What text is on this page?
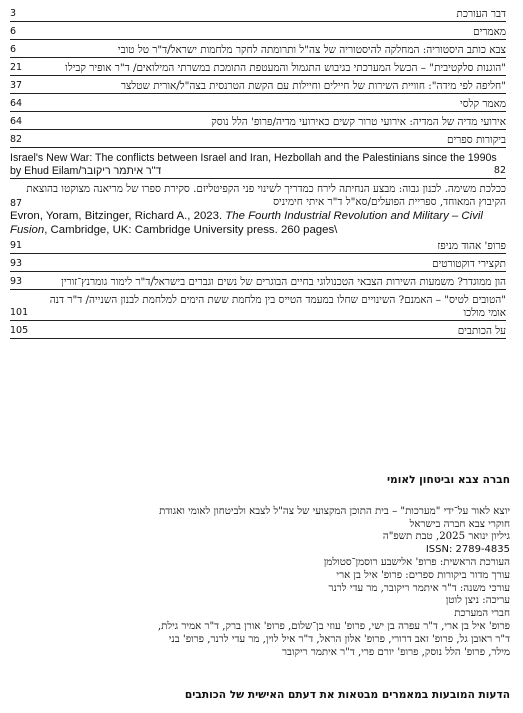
דבר העורכת
3
מאמרים
6
צבא כותב היסטוריה: המחלקה להיסטוריה של צה"ל ותרומתה לחקר מלחמות ישראל/ד"ר טל טובי
6
"הוגנות סלקטיבית" – הכשל המערכתי בגיבוש התגמול והמעטפת התומכת במשרתי המילואים/ ד"ר אופיר קבילו
21
"חליפה לפי מידה": חוויית השירות של חיילים וחיילות עם הקשת הטרנסית בצה"ל/אורית שטלצר
37
מאמר קלסי
64
אירועי מדיה של המדיה: אירועי טרור קשים כאירועי מדיה/פרופ' הלל נוסק
64
ביקורות ספרים
82
Israel's New War: The conflicts between Israel and Iran, Hezbollah and the Palestinians since the 1990s by Ehud Eilamד"ר איתמר ריקובר/	82
ככלכת משימה. לכנון גבוה: מבצע הנחיתה לירח כמדריך לשינוי פני הקפיטליזם. סקירת ספרו של מריאנה מצוקטו בהוצאת הקיבוץ המאוחד, ספריית הפועלים/סא"ל ד"ר איתי חימיניס
87
Evron, Yoram, Bitzinger, Richard A., 2023. The Fourth Industrial Revolution and Military – Civil Fusion, Cambridge, UK: Cambridge University press. 260 pages\
פרופ' אהוד מניפז
91
תקצירי דוקטורטים
93
הון ממוגדר? משמעות השירות הצבאי הטכנולוגי בחיים הבוגרים של נשים וגברים בישראל/ד"ר לימור גומרנץ־זורין
93
"הטובים לטיס" – האמנם? השינויים שחלו במעמד הטייס בין מלחמת ששת הימים למלחמת לבנון השנייה/ ד"ר דנה אומי מולכו
101
על הכותבים
105
חברה צבא וביטחון לאומי
יוצא לאור על־ידי "מערכות" – בית התוכן המקצועי של צה"ל לצבא ולביטחון לאומי ואגודת
חוקרי צבא חברה בישראל
גיליון ינואר 2025, טבת תשפ"ה
ISSN: 2789-4835
העורכת הראשית: פרופ' אלישבע רוסמן־סטולמן
עורך מדור ביקורות ספרים: פרופ' איל בן ארי
עורכי משנה: ד"ר איתמר ריקובר, מר עדי לרנר
עריכה: ניצן לוטן
חברי המערכת
פרופ' איל בן ארי, ד"ר עפרה בן ישי, פרופ' עוזי בן־שלום, פרופ' אורן ברק, ד"ר אמיר גילת,
ד"ר ראובן גל, פרופ' זאב דרורי, פרופ' אלון הראל, ד"ר איל לוין, מר עדי לרנר, פרופ' בני
מילר, פרופ' הלל נוסק, פרופ' יורם פרי, ד"ר איתמר ריקובר
הדעות המובעות במאמרים מבטאות את דעתם האישית של הכותבים
